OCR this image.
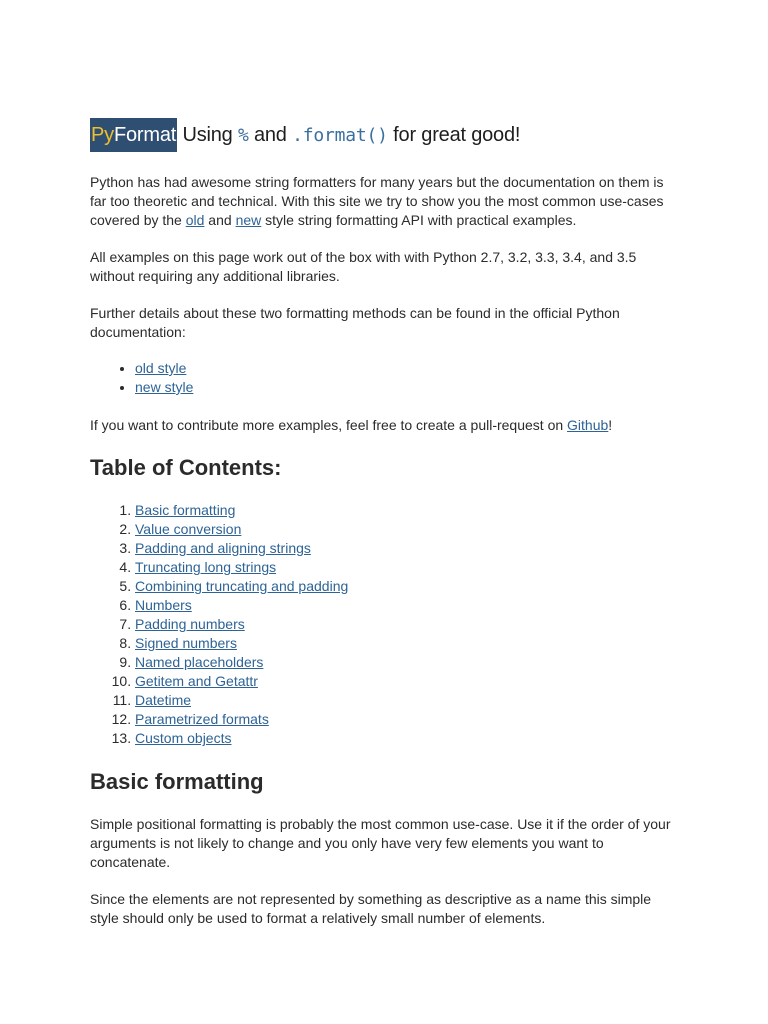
PyFormat Using % and .format() for great good!

Python has had awesome string formatters for many years but the documentation on them is far too theoretic and technical. With this site we try to show you the most common use-cases covered by the old and new style string formatting API with practical examples.

All examples on this page work out of the box with with Python 2.7, 3.2, 3.3, 3.4, and 3.5 without requiring any additional libraries.

Further details about these two formatting methods can be found in the official Python documentation:

• old style
• new style

If you want to contribute more examples, feel free to create a pull-request on Github!

Table of Contents:
1. Basic formatting
2. Value conversion
3. Padding and aligning strings
4. Truncating long strings
5. Combining truncating and padding
6. Numbers
7. Padding numbers
8. Signed numbers
9. Named placeholders
10. Getitem and Getattr
11. Datetime
12. Parametrized formats
13. Custom objects
Basic formatting

Simple positional formatting is probably the most common use-case. Use it if the order of your arguments is not likely to change and you only have very few elements you want to concatenate.

Since the elements are not represented by something as descriptive as a name this simple style should only be used to format a relatively small number of elements.
